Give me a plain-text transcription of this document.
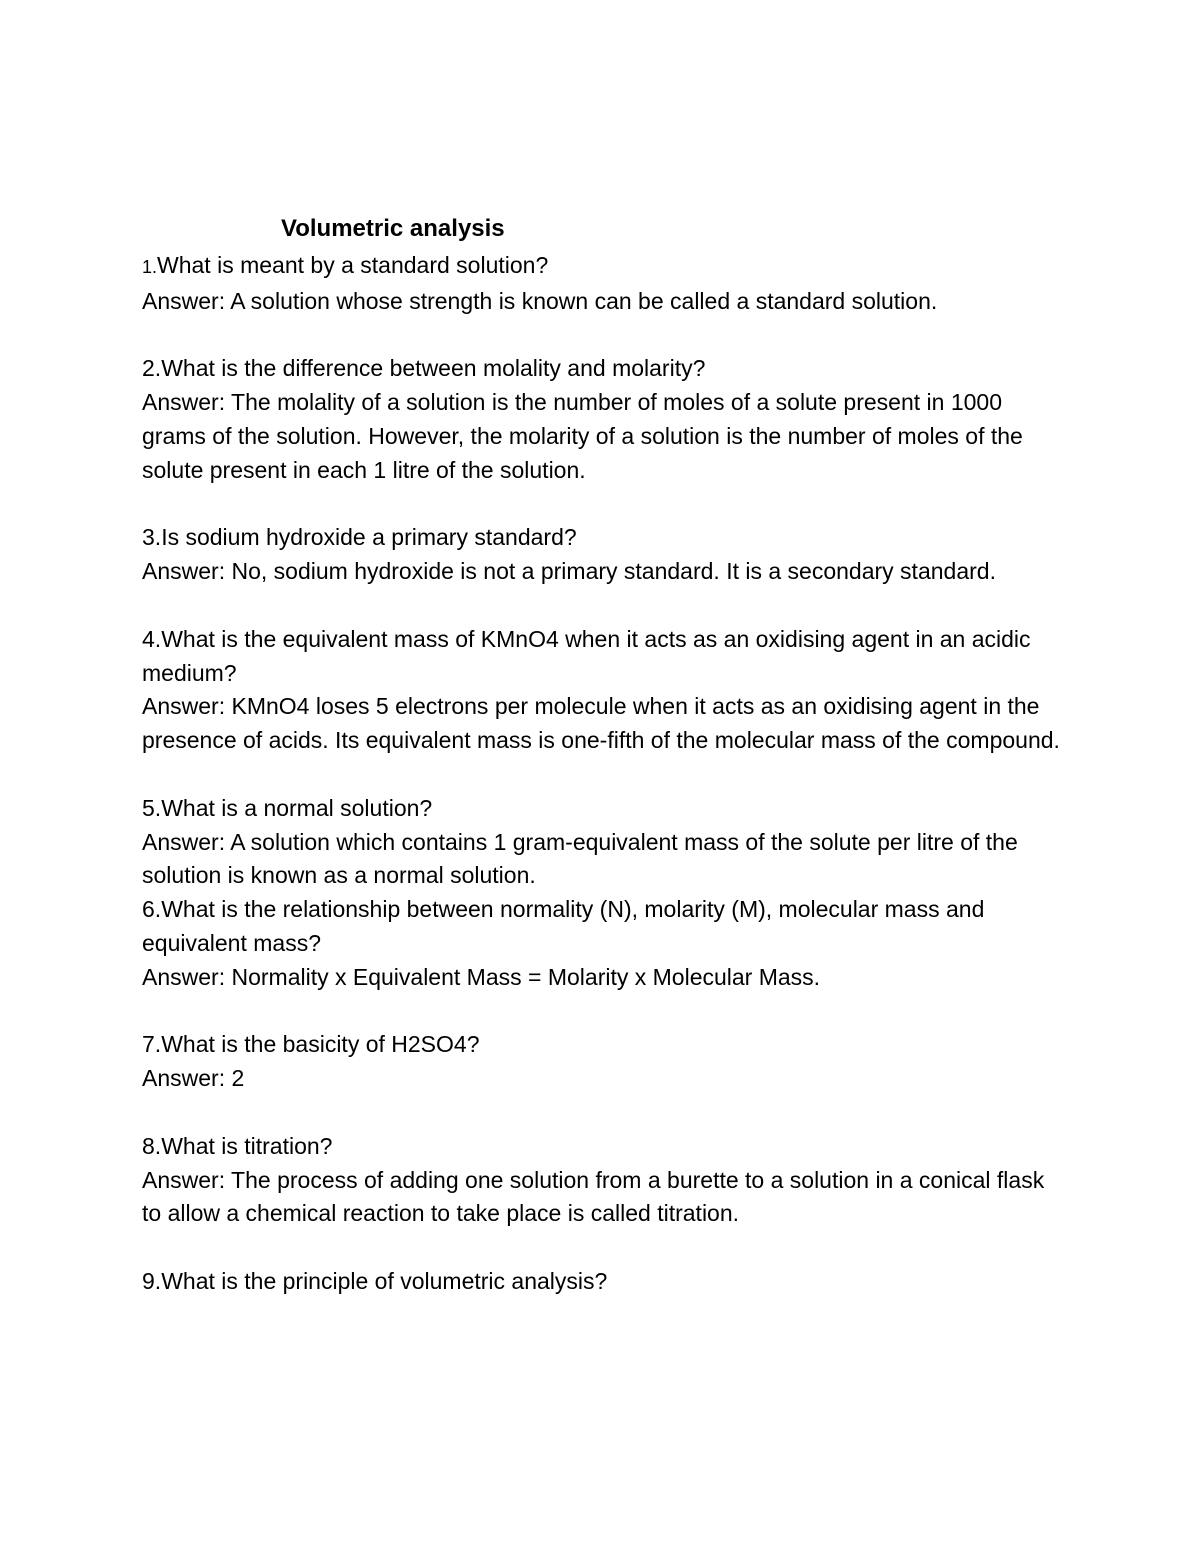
Volumetric analysis

1.What is meant by a standard solution?

Answer: A solution whose strength is known can be called a standard solution.

2.What is the difference between molality and molarity?

Answer: The molality of a solution is the number of moles of a solute present in 1000 grams of the solution. However, the molarity of a solution is the number of moles of the solute present in each 1 litre of the solution.

3.Is sodium hydroxide a primary standard?

Answer: No, sodium hydroxide is not a primary standard. It is a secondary standard.

4.What is the equivalent mass of KMnO4 when it acts as an oxidising agent in an acidic medium?

Answer: KMnO4 loses 5 electrons per molecule when it acts as an oxidising agent in the presence of acids. Its equivalent mass is one-fifth of the molecular mass of the compound.

5.What is a normal solution?

Answer: A solution which contains 1 gram-equivalent mass of the solute per litre of the solution is known as a normal solution.

6.What is the relationship between normality (N), molarity (M), molecular mass and equivalent mass?

Answer: Normality x Equivalent Mass = Molarity x Molecular Mass.

7.What is the basicity of H2SO4?

Answer: 2

8.What is titration?

Answer: The process of adding one solution from a burette to a solution in a conical flask to allow a chemical reaction to take place is called titration.

9.What is the principle of volumetric analysis?
